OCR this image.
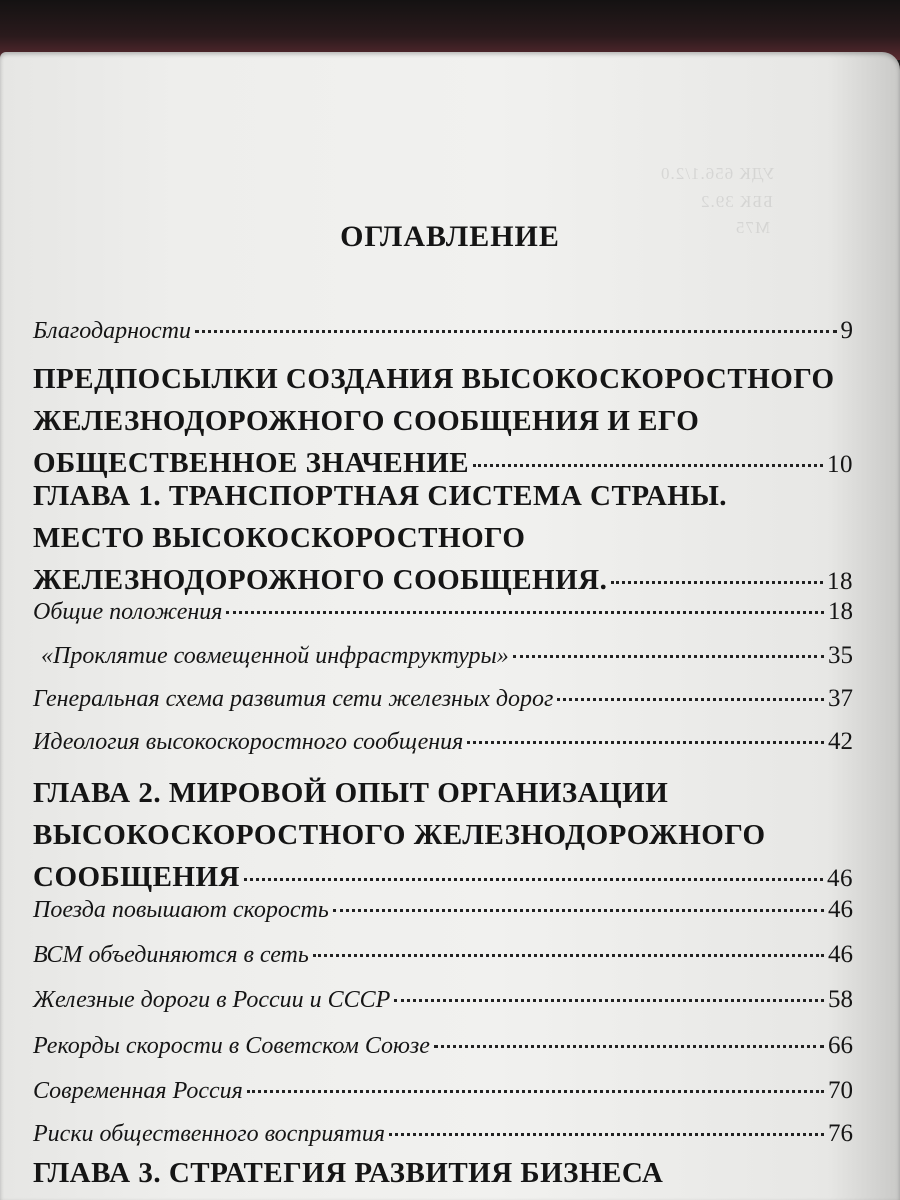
УДК 656.1/2.0
ББК 39.2
М75
ОГЛАВЛЕНИЕ
Благодарности	9
ПРЕДПОСЫЛКИ СОЗДАНИЯ ВЫСОКОСКОРОСТНОГО
ЖЕЛЕЗНОДОРОЖНОГО СООБЩЕНИЯ И ЕГО
ОБЩЕСТВЕННОЕ ЗНАЧЕНИЕ	10
ГЛАВА 1. ТРАНСПОРТНАЯ СИСТЕМА СТРАНЫ.
МЕСТО ВЫСОКОСКОРОСТНОГО
ЖЕЛЕЗНОДОРОЖНОГО СООБЩЕНИЯ.	18
Общие положения	18
«Проклятие совмещенной инфраструктуры»	35
Генеральная схема развития сети железных дорог	37
Идеология высокоскоростного сообщения	42
ГЛАВА 2. МИРОВОЙ ОПЫТ ОРГАНИЗАЦИИ
ВЫСОКОСКОРОСТНОГО ЖЕЛЕЗНОДОРОЖНОГО
СООБЩЕНИЯ	46
Поезда повышают скорость	46
ВСМ объединяются в сеть	46
Железные дороги в России и СССР	58
Рекорды скорости в Советском Союзе	66
Современная Россия	70
Риски общественного восприятия	76
ГЛАВА 3. СТРАТЕГИЯ РАЗВИТИЯ БИЗНЕСА
